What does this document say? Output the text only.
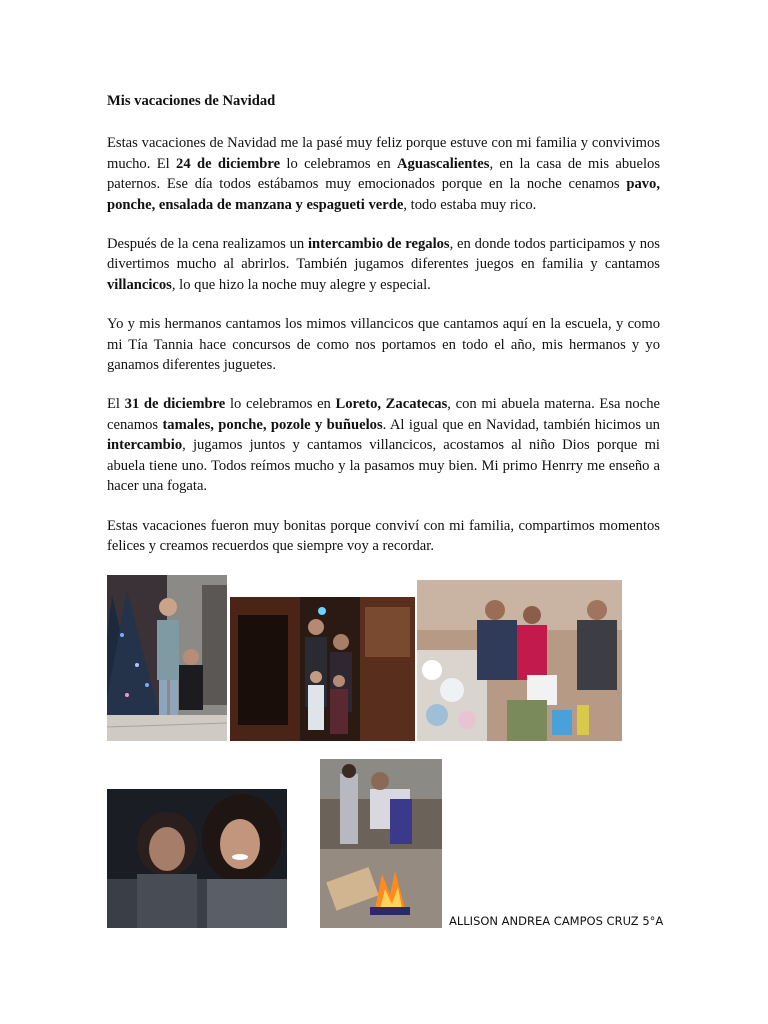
Mis vacaciones de Navidad

Estas vacaciones de Navidad me la pasé muy feliz porque estuve con mi familia y convivimos mucho. El 24 de diciembre lo celebramos en Aguascalientes, en la casa de mis abuelos paternos. Ese día todos estábamos muy emocionados porque en la noche cenamos pavo, ponche, ensalada de manzana y espagueti verde, todo estaba muy rico.

Después de la cena realizamos un intercambio de regalos, en donde todos participamos y nos divertimos mucho al abrirlos. También jugamos diferentes juegos en familia y cantamos villancicos, lo que hizo la noche muy alegre y especial.

Yo y mis hermanos cantamos los mimos villancicos que cantamos aquí en la escuela, y como mi Tía Tannia hace concursos de como nos portamos en todo el año, mis hermanos y yo ganamos diferentes juguetes.

El 31 de diciembre lo celebramos en Loreto, Zacatecas, con mi abuela materna. Esa noche cenamos tamales, ponche, pozole y buñuelos. Al igual que en Navidad, también hicimos un intercambio, jugamos juntos y cantamos villancicos, acostamos al niño Dios porque mi abuela tiene uno. Todos reímos mucho y la pasamos muy bien. Mi primo Henrry me enseño a hacer una fogata.

Estas vacaciones fueron muy bonitas porque conviví con mi familia, compartimos momentos felices y creamos recuerdos que siempre voy a recordar.

ALLISON ANDREA CAMPOS CRUZ 5°A
